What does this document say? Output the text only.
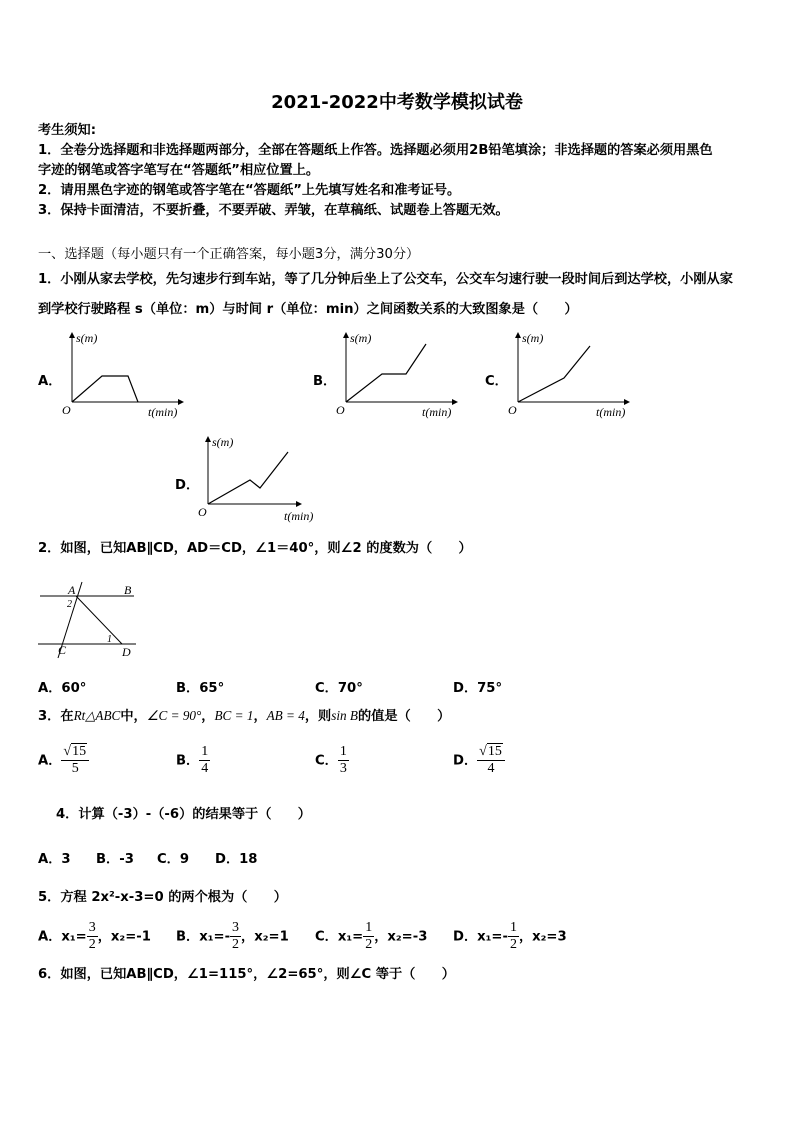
2021-2022中考数学模拟试卷
考生须知:
1．全卷分选择题和非选择题两部分，全部在答题纸上作答。选择题必须用2B铅笔填涂；非选择题的答案必须用黑色
字迹的钢笔或答字笔写在“答题纸”相应位置上。
2．请用黑色字迹的钢笔或答字笔在“答题纸”上先填写姓名和准考证号。
3．保持卡面清洁，不要折叠，不要弄破、弄皱，在草稿纸、试题卷上答题无效。
一、选择题（每小题只有一个正确答案，每小题3分，满分30分）
1．小刚从家去学校，先匀速步行到车站，等了几分钟后坐上了公交车，公交车匀速行驶一段时间后到达学校，小刚从家
到学校行驶路程 s（单位：m）与时间 r（单位：min）之间函数关系的大致图象是（　　）
A．
s(m)
t(min)
O
B．
s(m)
t(min)
O
C．
s(m)
t(min)
O
D．
s(m)
t(min)
O
2．如图，已知AB∥CD，AD＝CD，∠1＝40°，则∠2 的度数为（　　）
A	B
C	D
1
2
A．60°	B．65°	C．70°	D．75°
3．在Rt△ABC中，∠C = 90°，BC = 1，AB = 4，则sin B的值是（　　）
A． $\frac{√15}{5}$	B． $\frac{1}{4}$	C． $\frac{1}{3}$	D． $\frac{√15}{4}$
4．计算（-3）-（-6）的结果等于（　　）
A．3 B．-3 C．9 D．18
5．方程 2x²-x-3=0 的两个根为（　　）
A．$x_1= \frac{3}{2}$ ，x₂=-1 B．$x_1=- \frac{3}{2}$ ，x₂=1 C．$x_1= \frac{1}{2}$ ，x₂=-3 D．$x_1=- \frac{1}{2}$ ，x₂=3
6．如图，已知AB∥CD，∠1=115°，∠2=65°，则∠C 等于（　　）
